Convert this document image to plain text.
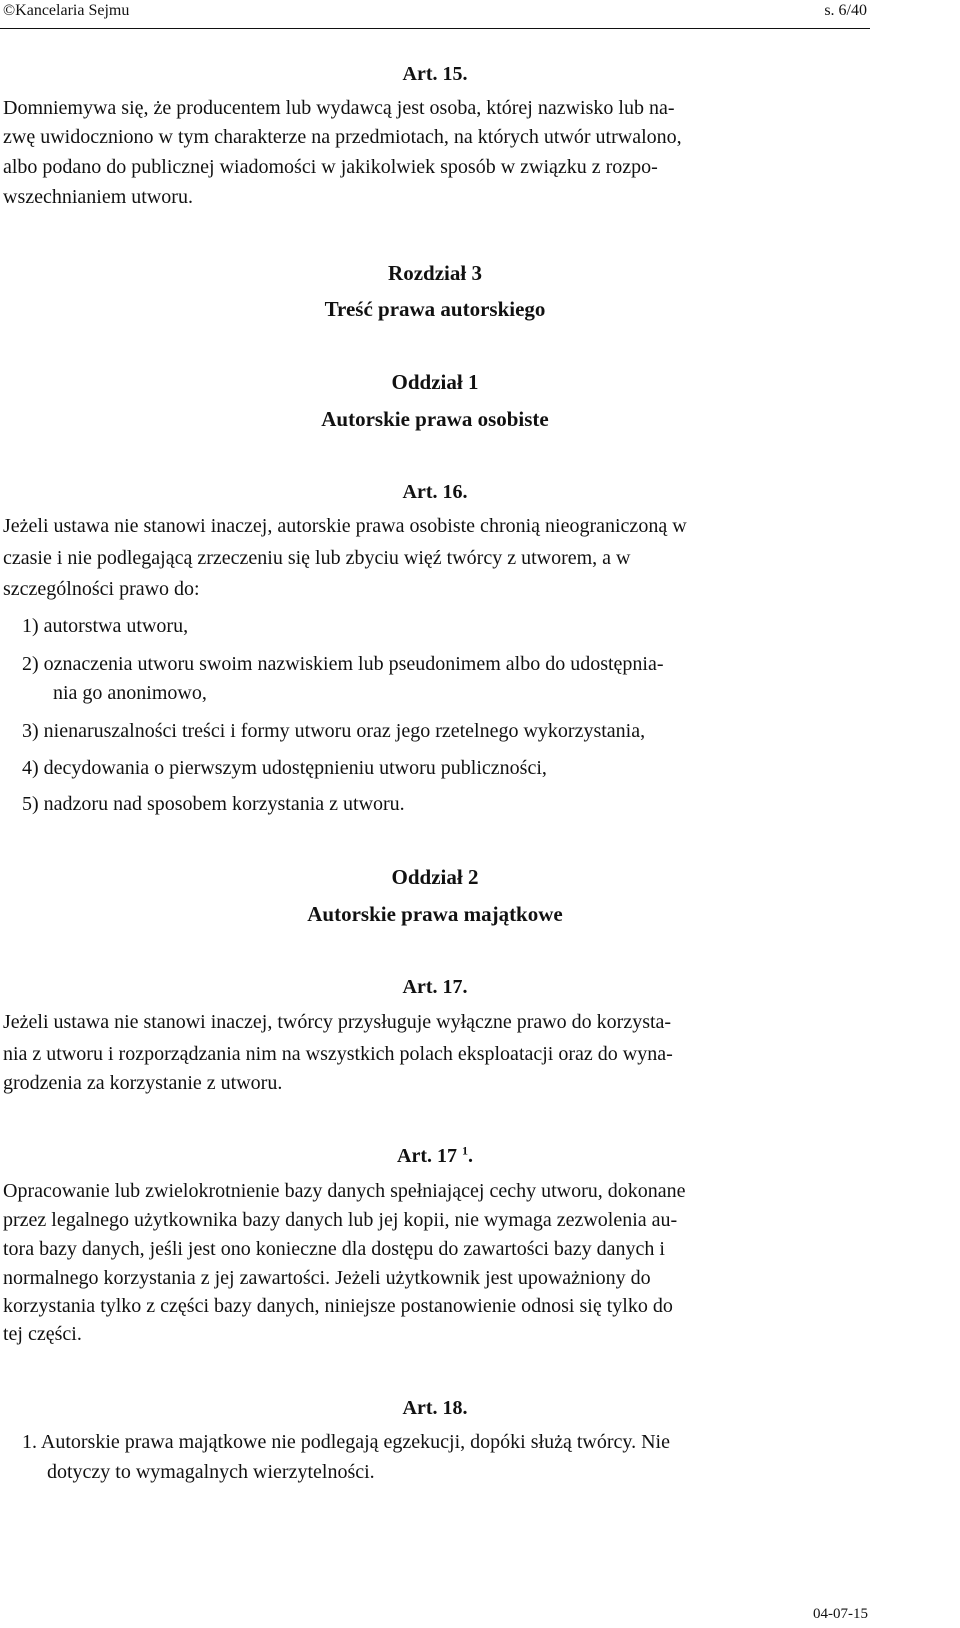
©Kancelaria Sejmu	s. 6/40
Art. 15.

Domniemywa się, że producentem lub wydawcą jest osoba, której nazwisko lub na-

zwę uwidoczniono w tym charakterze na przedmiotach, na których utwór utrwalono,

albo podano do publicznej wiadomości w jakikolwiek sposób w związku z rozpo-

wszechnianiem utworu.

Rozdział 3
Treść prawa autorskiego
Oddział 1
Autorskie prawa osobiste
Art. 16.

Jeżeli ustawa nie stanowi inaczej, autorskie prawa osobiste chronią nieograniczoną w

czasie i nie podlegającą zrzeczeniu się lub zbyciu więź twórcy z utworem, a w

szczególności prawo do:

1) autorstwa utworu,

2) oznaczenia utworu swoim nazwiskiem lub pseudonimem albo do udostępnia-

nia go anonimowo,

3) nienaruszalności treści i formy utworu oraz jego rzetelnego wykorzystania,

4) decydowania o pierwszym udostępnieniu utworu publiczności,

5) nadzoru nad sposobem korzystania z utworu.

Oddział 2
Autorskie prawa majątkowe
Art. 17.

Jeżeli ustawa nie stanowi inaczej, twórcy przysługuje wyłączne prawo do korzysta-

nia z utworu i rozporządzania nim na wszystkich polach eksploatacji oraz do wyna-

grodzenia za korzystanie z utworu.

Art. 17 $^1$.

Opracowanie lub zwielokrotnienie bazy danych spełniającej cechy utworu, dokonane

przez legalnego użytkownika bazy danych lub jej kopii, nie wymaga zezwolenia au-

tora bazy danych, jeśli jest ono konieczne dla dostępu do zawartości bazy danych i

normalnego korzystania z jej zawartości. Jeżeli użytkownik jest upoważniony do

korzystania tylko z części bazy danych, niniejsze postanowienie odnosi się tylko do

tej części.

Art. 18.

1. Autorskie prawa majątkowe nie podlegają egzekucji, dopóki służą twórcy. Nie

dotyczy to wymagalnych wierzytelności.

04-07-15
